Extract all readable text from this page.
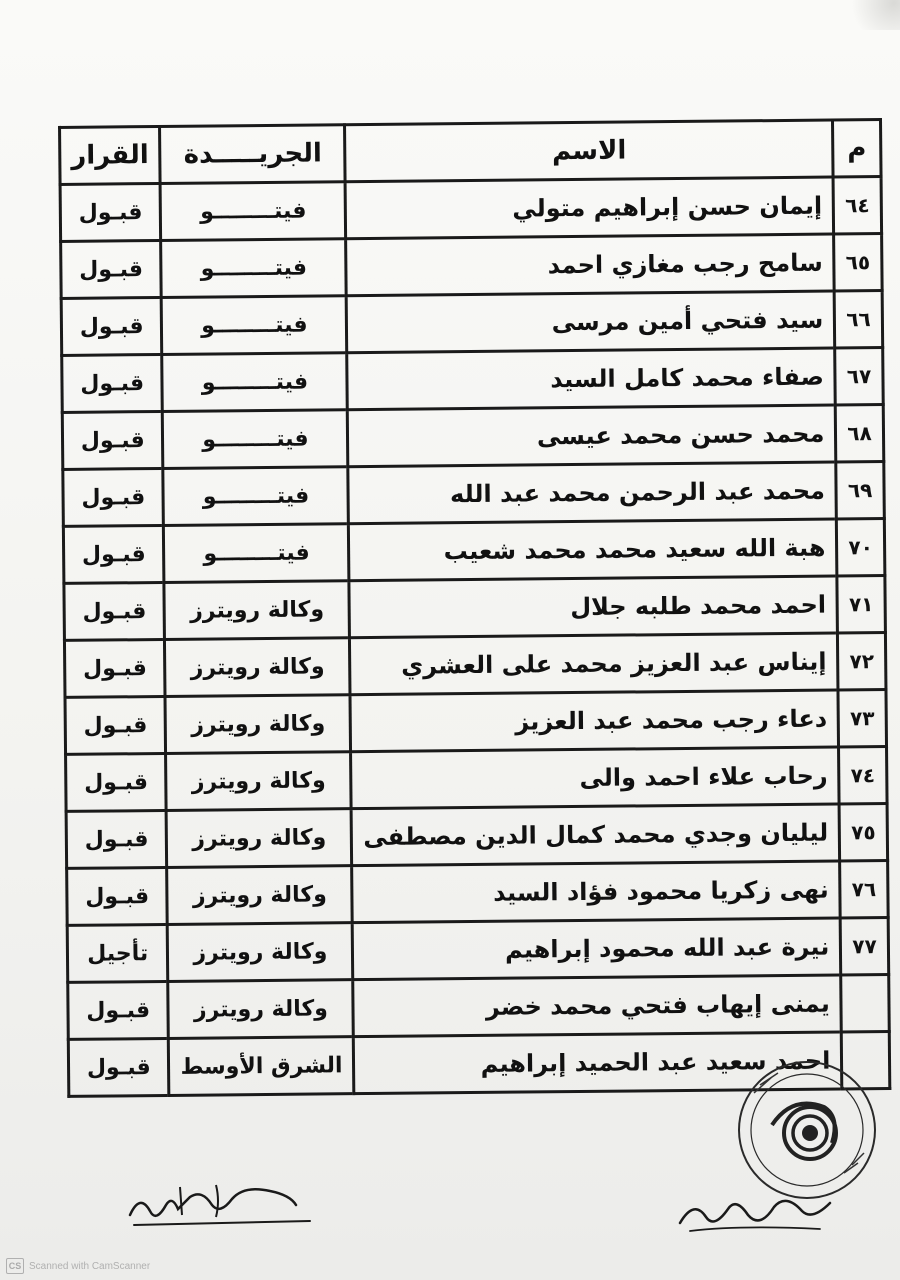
م	الاسم	الجريـــــدة	القرار
٦٤	إيمان حسن إبراهيم متولي	فيتــــــــو	قبـول
٦٥	سامح رجب مغازي احمد	فيتــــــــو	قبـول
٦٦	سيد فتحي أمين مرسى	فيتــــــــو	قبـول
٦٧	صفاء محمد كامل السيد	فيتــــــــو	قبـول
٦٨	محمد حسن محمد عيسى	فيتــــــــو	قبـول
٦٩	محمد عبد الرحمن محمد عبد الله	فيتــــــــو	قبـول
٧٠	هبة الله سعيد محمد محمد شعيب	فيتــــــــو	قبـول
٧١	احمد محمد طلبه جلال	وكالة رويترز	قبـول
٧٢	إيناس عبد العزيز محمد على العشري	وكالة رويترز	قبـول
٧٣	دعاء رجب محمد عبد العزيز	وكالة رويترز	قبـول
٧٤	رحاب علاء احمد والى	وكالة رويترز	قبـول
٧٥	ليليان وجدي محمد كمال الدين مصطفى	وكالة رويترز	قبـول
٧٦	نهى زكريا محمود فؤاد السيد	وكالة رويترز	قبـول
٧٧	نيرة عبد الله محمود إبراهيم	وكالة رويترز	تأجيل
	يمنى إيهاب فتحي محمد خضر	وكالة رويترز	قبـول
	احمد سعيد عبد الحميد إبراهيم	الشرق الأوسط	قبـول
CS Scanned with CamScanner
